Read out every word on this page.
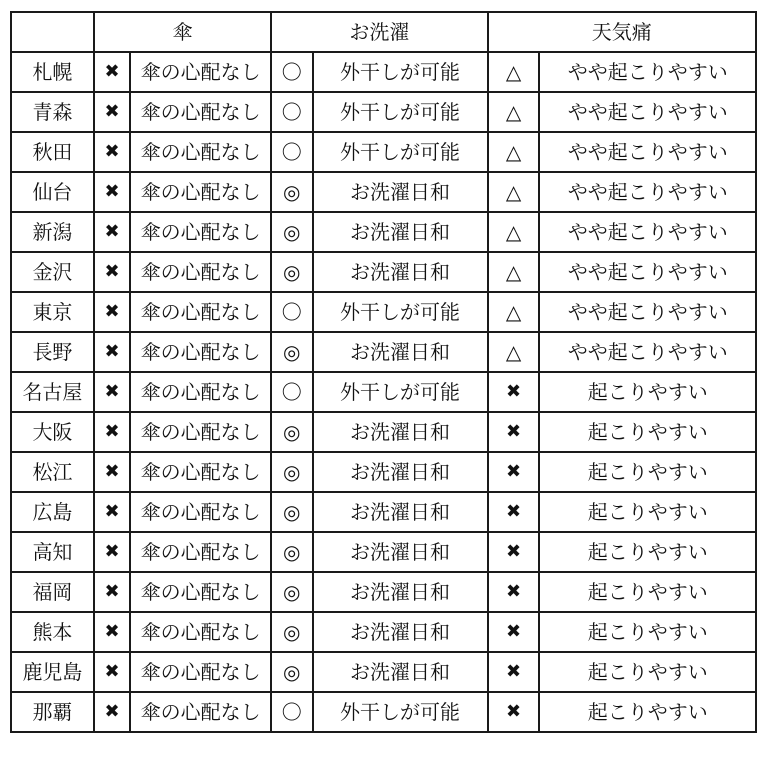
	傘		お洗濯		天気痛	
札幌	✖	傘の心配なし	〇	外干しが可能	△	やや起こりやすい
青森	✖	傘の心配なし	〇	外干しが可能	△	やや起こりやすい
秋田	✖	傘の心配なし	〇	外干しが可能	△	やや起こりやすい
仙台	✖	傘の心配なし	◎	お洗濯日和	△	やや起こりやすい
新潟	✖	傘の心配なし	◎	お洗濯日和	△	やや起こりやすい
金沢	✖	傘の心配なし	◎	お洗濯日和	△	やや起こりやすい
東京	✖	傘の心配なし	〇	外干しが可能	△	やや起こりやすい
長野	✖	傘の心配なし	◎	お洗濯日和	△	やや起こりやすい
名古屋	✖	傘の心配なし	〇	外干しが可能	✖	起こりやすい
大阪	✖	傘の心配なし	◎	お洗濯日和	✖	起こりやすい
松江	✖	傘の心配なし	◎	お洗濯日和	✖	起こりやすい
広島	✖	傘の心配なし	◎	お洗濯日和	✖	起こりやすい
高知	✖	傘の心配なし	◎	お洗濯日和	✖	起こりやすい
福岡	✖	傘の心配なし	◎	お洗濯日和	✖	起こりやすい
熊本	✖	傘の心配なし	◎	お洗濯日和	✖	起こりやすい
鹿児島	✖	傘の心配なし	◎	お洗濯日和	✖	起こりやすい
那覇	✖	傘の心配なし	〇	外干しが可能	✖	起こりやすい
